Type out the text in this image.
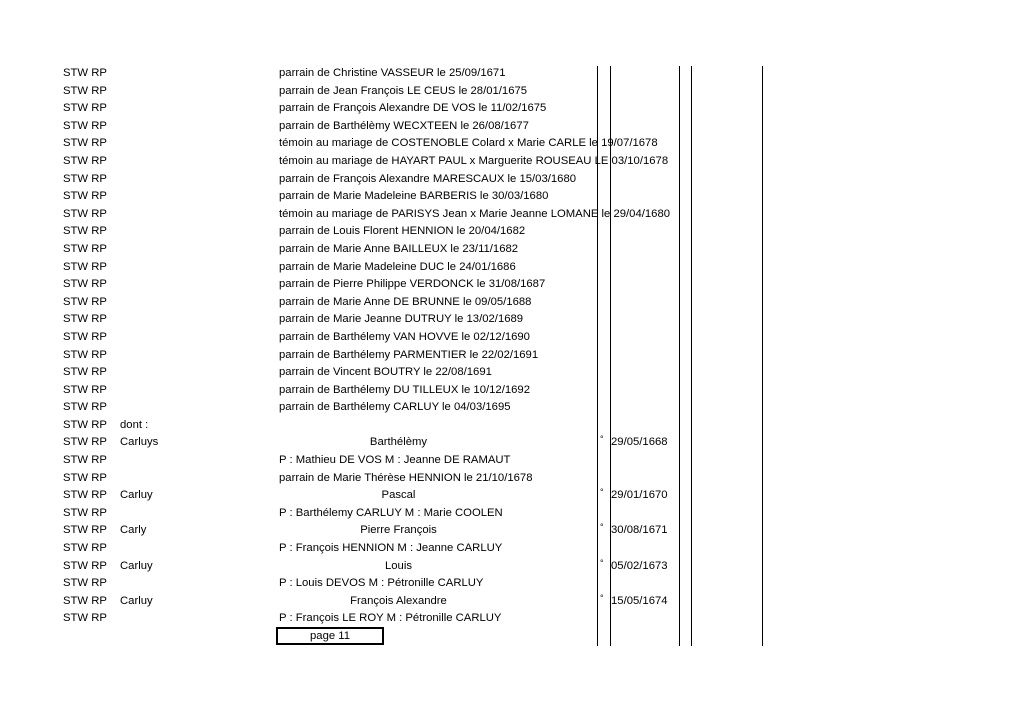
STW RP	parrain de Christine VASSEUR le 25/09/1671
STW RP	parrain de Jean François LE CEUS le 28/01/1675
STW RP	parrain de François Alexandre DE VOS le 11/02/1675
STW RP	parrain de Barthélèmy WECXTEEN le 26/08/1677
STW RP	témoin au mariage de COSTENOBLE Colard x Marie CARLE le 19/07/1678
STW RP	témoin au mariage de HAYART PAUL x Marguerite ROUSEAU LE 03/10/1678
STW RP	parrain de François Alexandre MARESCAUX le 15/03/1680
STW RP	parrain de Marie Madeleine BARBERIS le 30/03/1680
STW RP	témoin au mariage de PARISYS Jean x Marie Jeanne LOMANE le 29/04/1680
STW RP	parrain de Louis Florent HENNION le 20/04/1682
STW RP	parrain de Marie Anne BAILLEUX le 23/11/1682
STW RP	parrain de Marie Madeleine DUC le 24/01/1686
STW RP	parrain de Pierre Philippe VERDONCK le 31/08/1687
STW RP	parrain de Marie Anne DE BRUNNE le 09/05/1688
STW RP	parrain de Marie Jeanne DUTRUY le 13/02/1689
STW RP	parrain de Barthélemy VAN HOVVE le 02/12/1690
STW RP	parrain de Barthélemy PARMENTIER le 22/02/1691
STW RP	parrain de Vincent BOUTRY le 22/08/1691
STW RP	parrain de Barthélemy DU TILLEUX le 10/12/1692
STW RP	parrain de Barthélemy CARLUY le 04/03/1695
STW RP dont :
STW RP Carluys	Barthélèmy	° 29/05/1668
STW RP	P : Mathieu DE VOS M : Jeanne DE RAMAUT
STW RP	parrain de Marie Thérèse HENNION le 21/10/1678
STW RP Carluy	Pascal	° 29/01/1670
STW RP	P : Barthélemy CARLUY M : Marie COOLEN
STW RP Carly	Pierre François	° 30/08/1671
STW RP	P : François HENNION M : Jeanne CARLUY
STW RP Carluy	Louis	° 05/02/1673
STW RP	P : Louis DEVOS M : Pétronille CARLUY
STW RP Carluy	François Alexandre	° 15/05/1674
STW RP	P : François LE ROY M : Pétronille CARLUY
page 11
